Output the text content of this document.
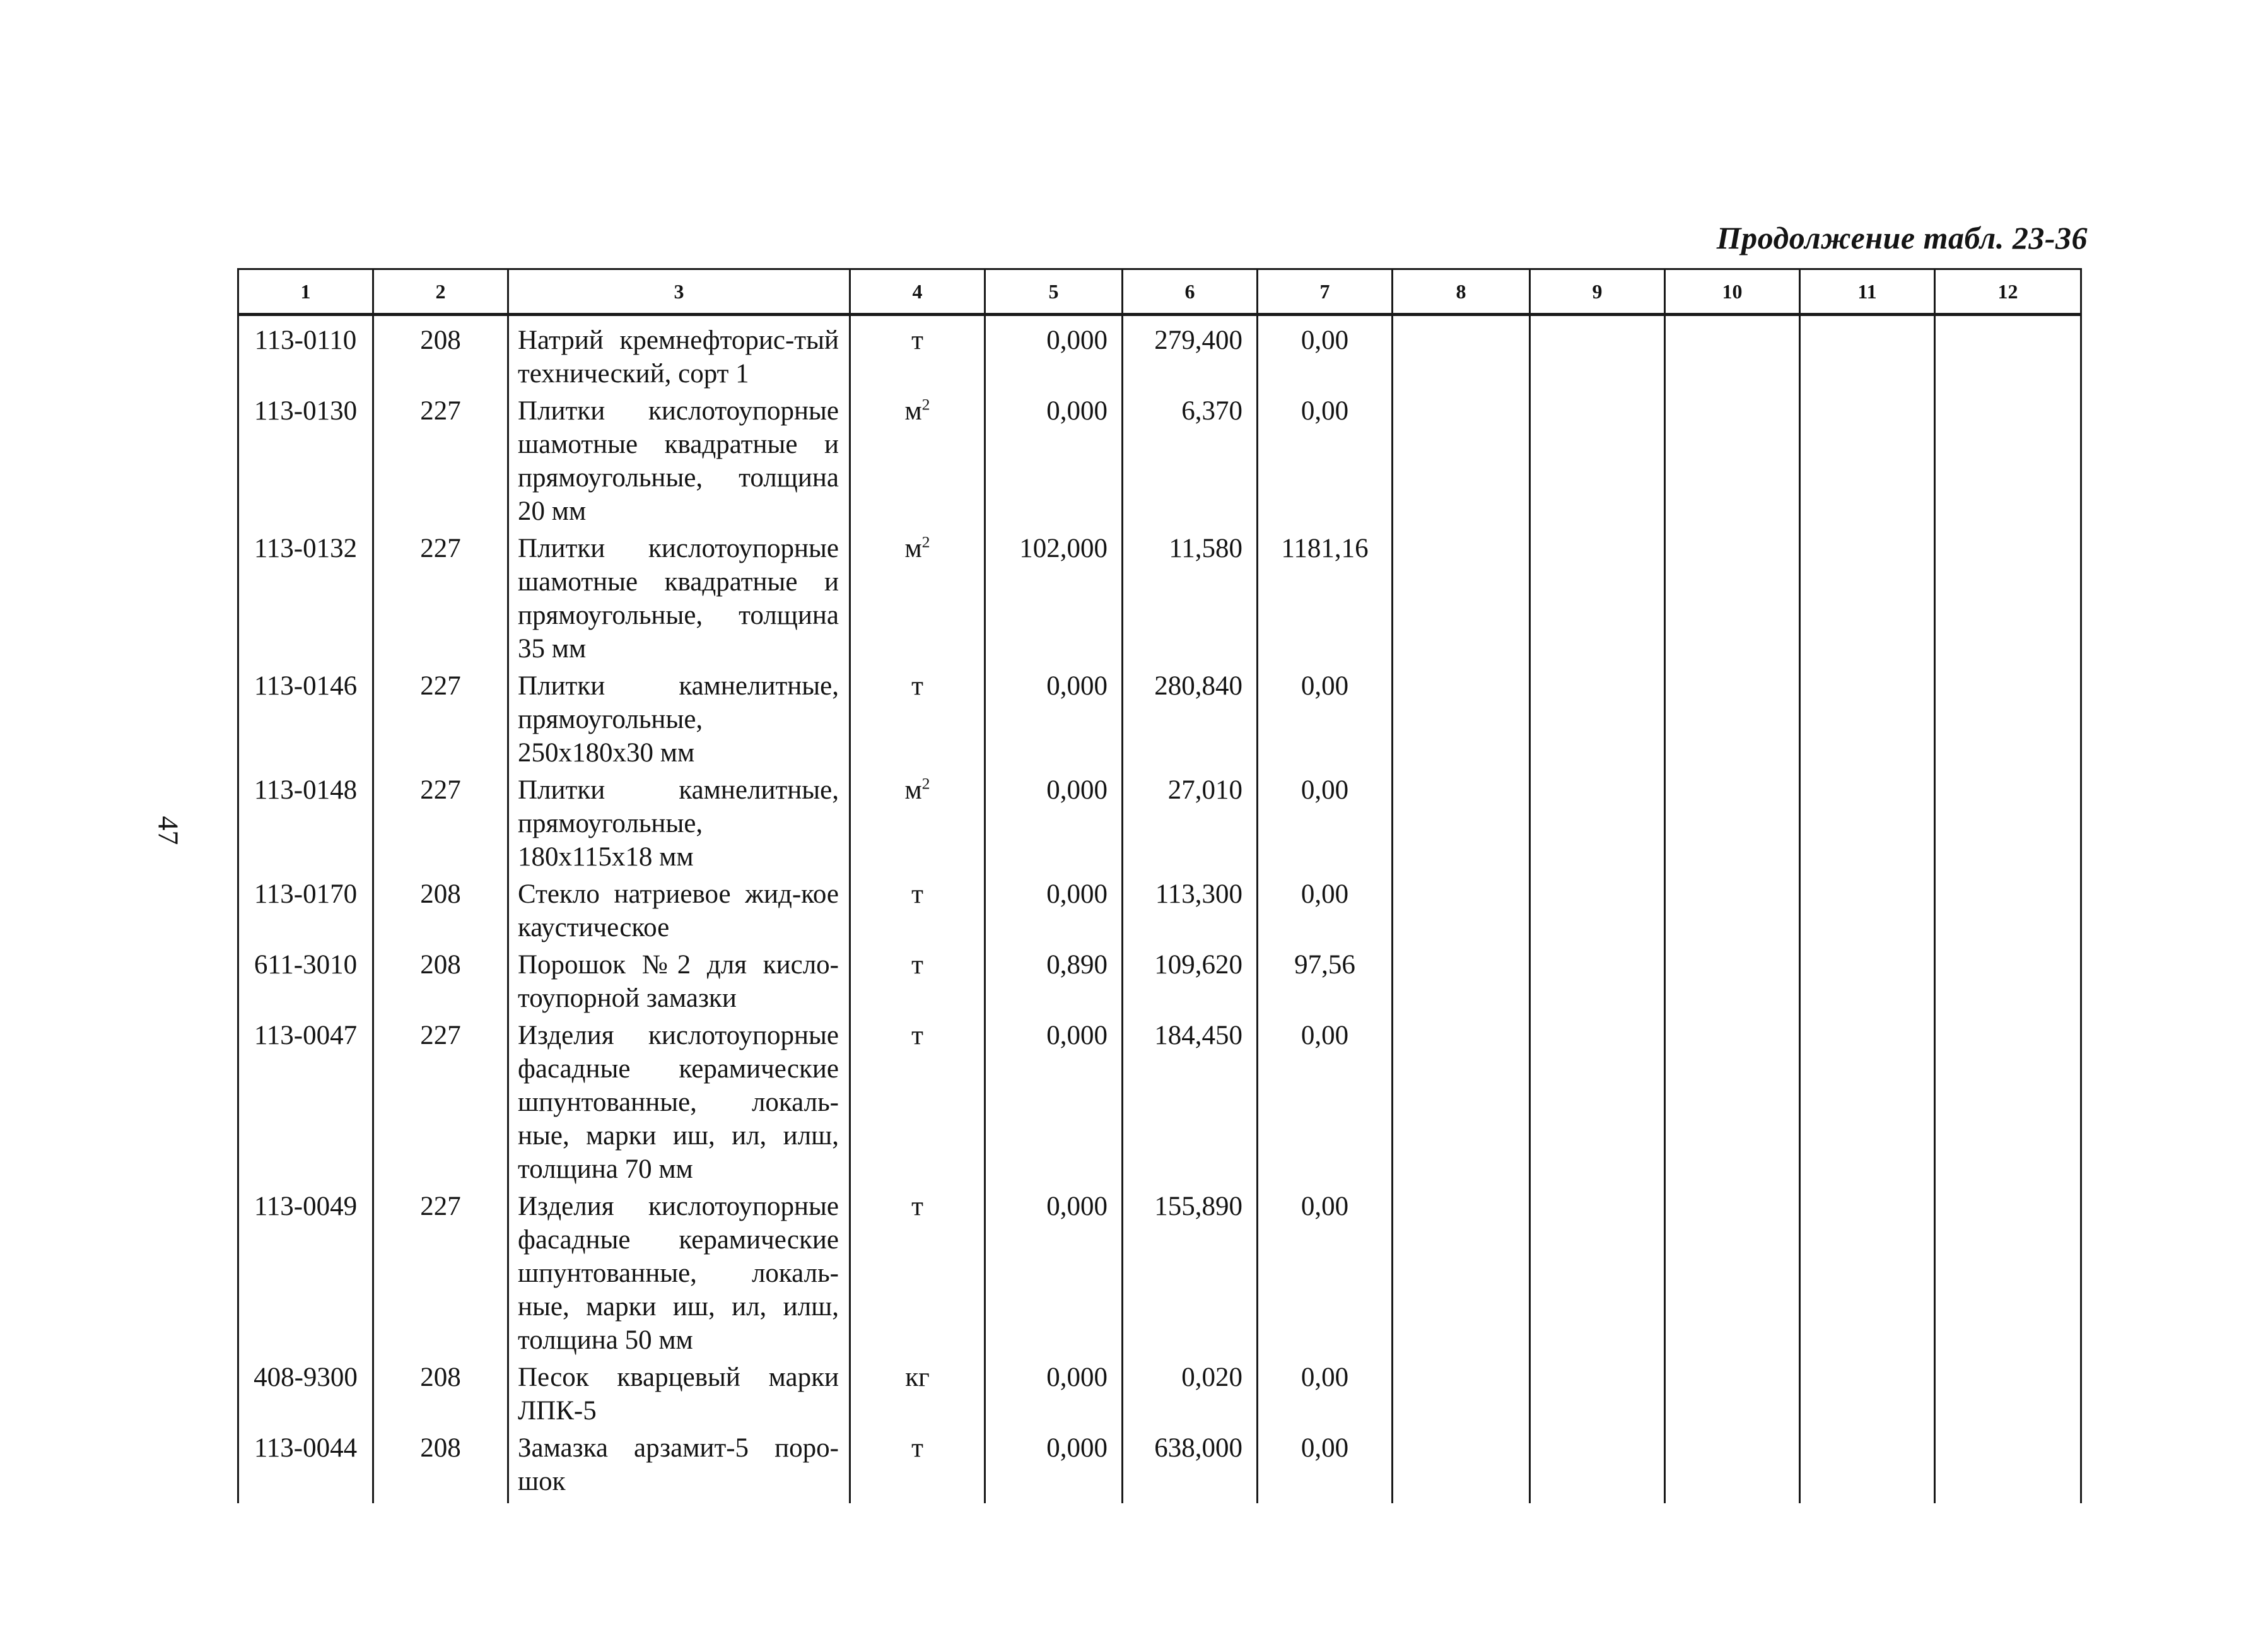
Продолжение табл. 23-36
47
1	2	3	4	5	6	7	8	9	10	11	12
113-0110	208	Натрий кремнефторис-тый технический, сорт 1	т	0,000	279,400	0,00					
113-0130	227	Плитки кислотоупорные шамотные квадратные и прямоугольные, толщина 20 мм	$м^2$	0,000	6,370	0,00					
113-0132	227	Плитки кислотоупорные шамотные квадратные и прямоугольные, толщина 35 мм	$м^2$	102,000	11,580	1181,16					
113-0146	227	Плитки камнелитные, прямоугольные, 250x180x30 мм	т	0,000	280,840	0,00					
113-0148	227	Плитки камнелитные, прямоугольные, 180x115x18 мм	$м^2$	0,000	27,010	0,00					
113-0170	208	Стекло натриевое жид-кое каустическое	т	0,000	113,300	0,00					
611-3010	208	Порошок №2 для кисло-тоупорной замазки	т	0,890	109,620	97,56					
113-0047	227	Изделия кислотоупорные фасадные керамические шпунтованные, локаль-ные, марки иш, ил, илш, толщина 70 мм	т	0,000	184,450	0,00					
113-0049	227	Изделия кислотоупорные фасадные керамические шпунтованные, локаль-ные, марки иш, ил, илш, толщина 50 мм	т	0,000	155,890	0,00					
408-9300	208	Песок кварцевый марки ЛПК-5	кг	0,000	0,020	0,00					
113-0044	208	Замазка арзамит-5 поро-шок	т	0,000	638,000	0,00					
